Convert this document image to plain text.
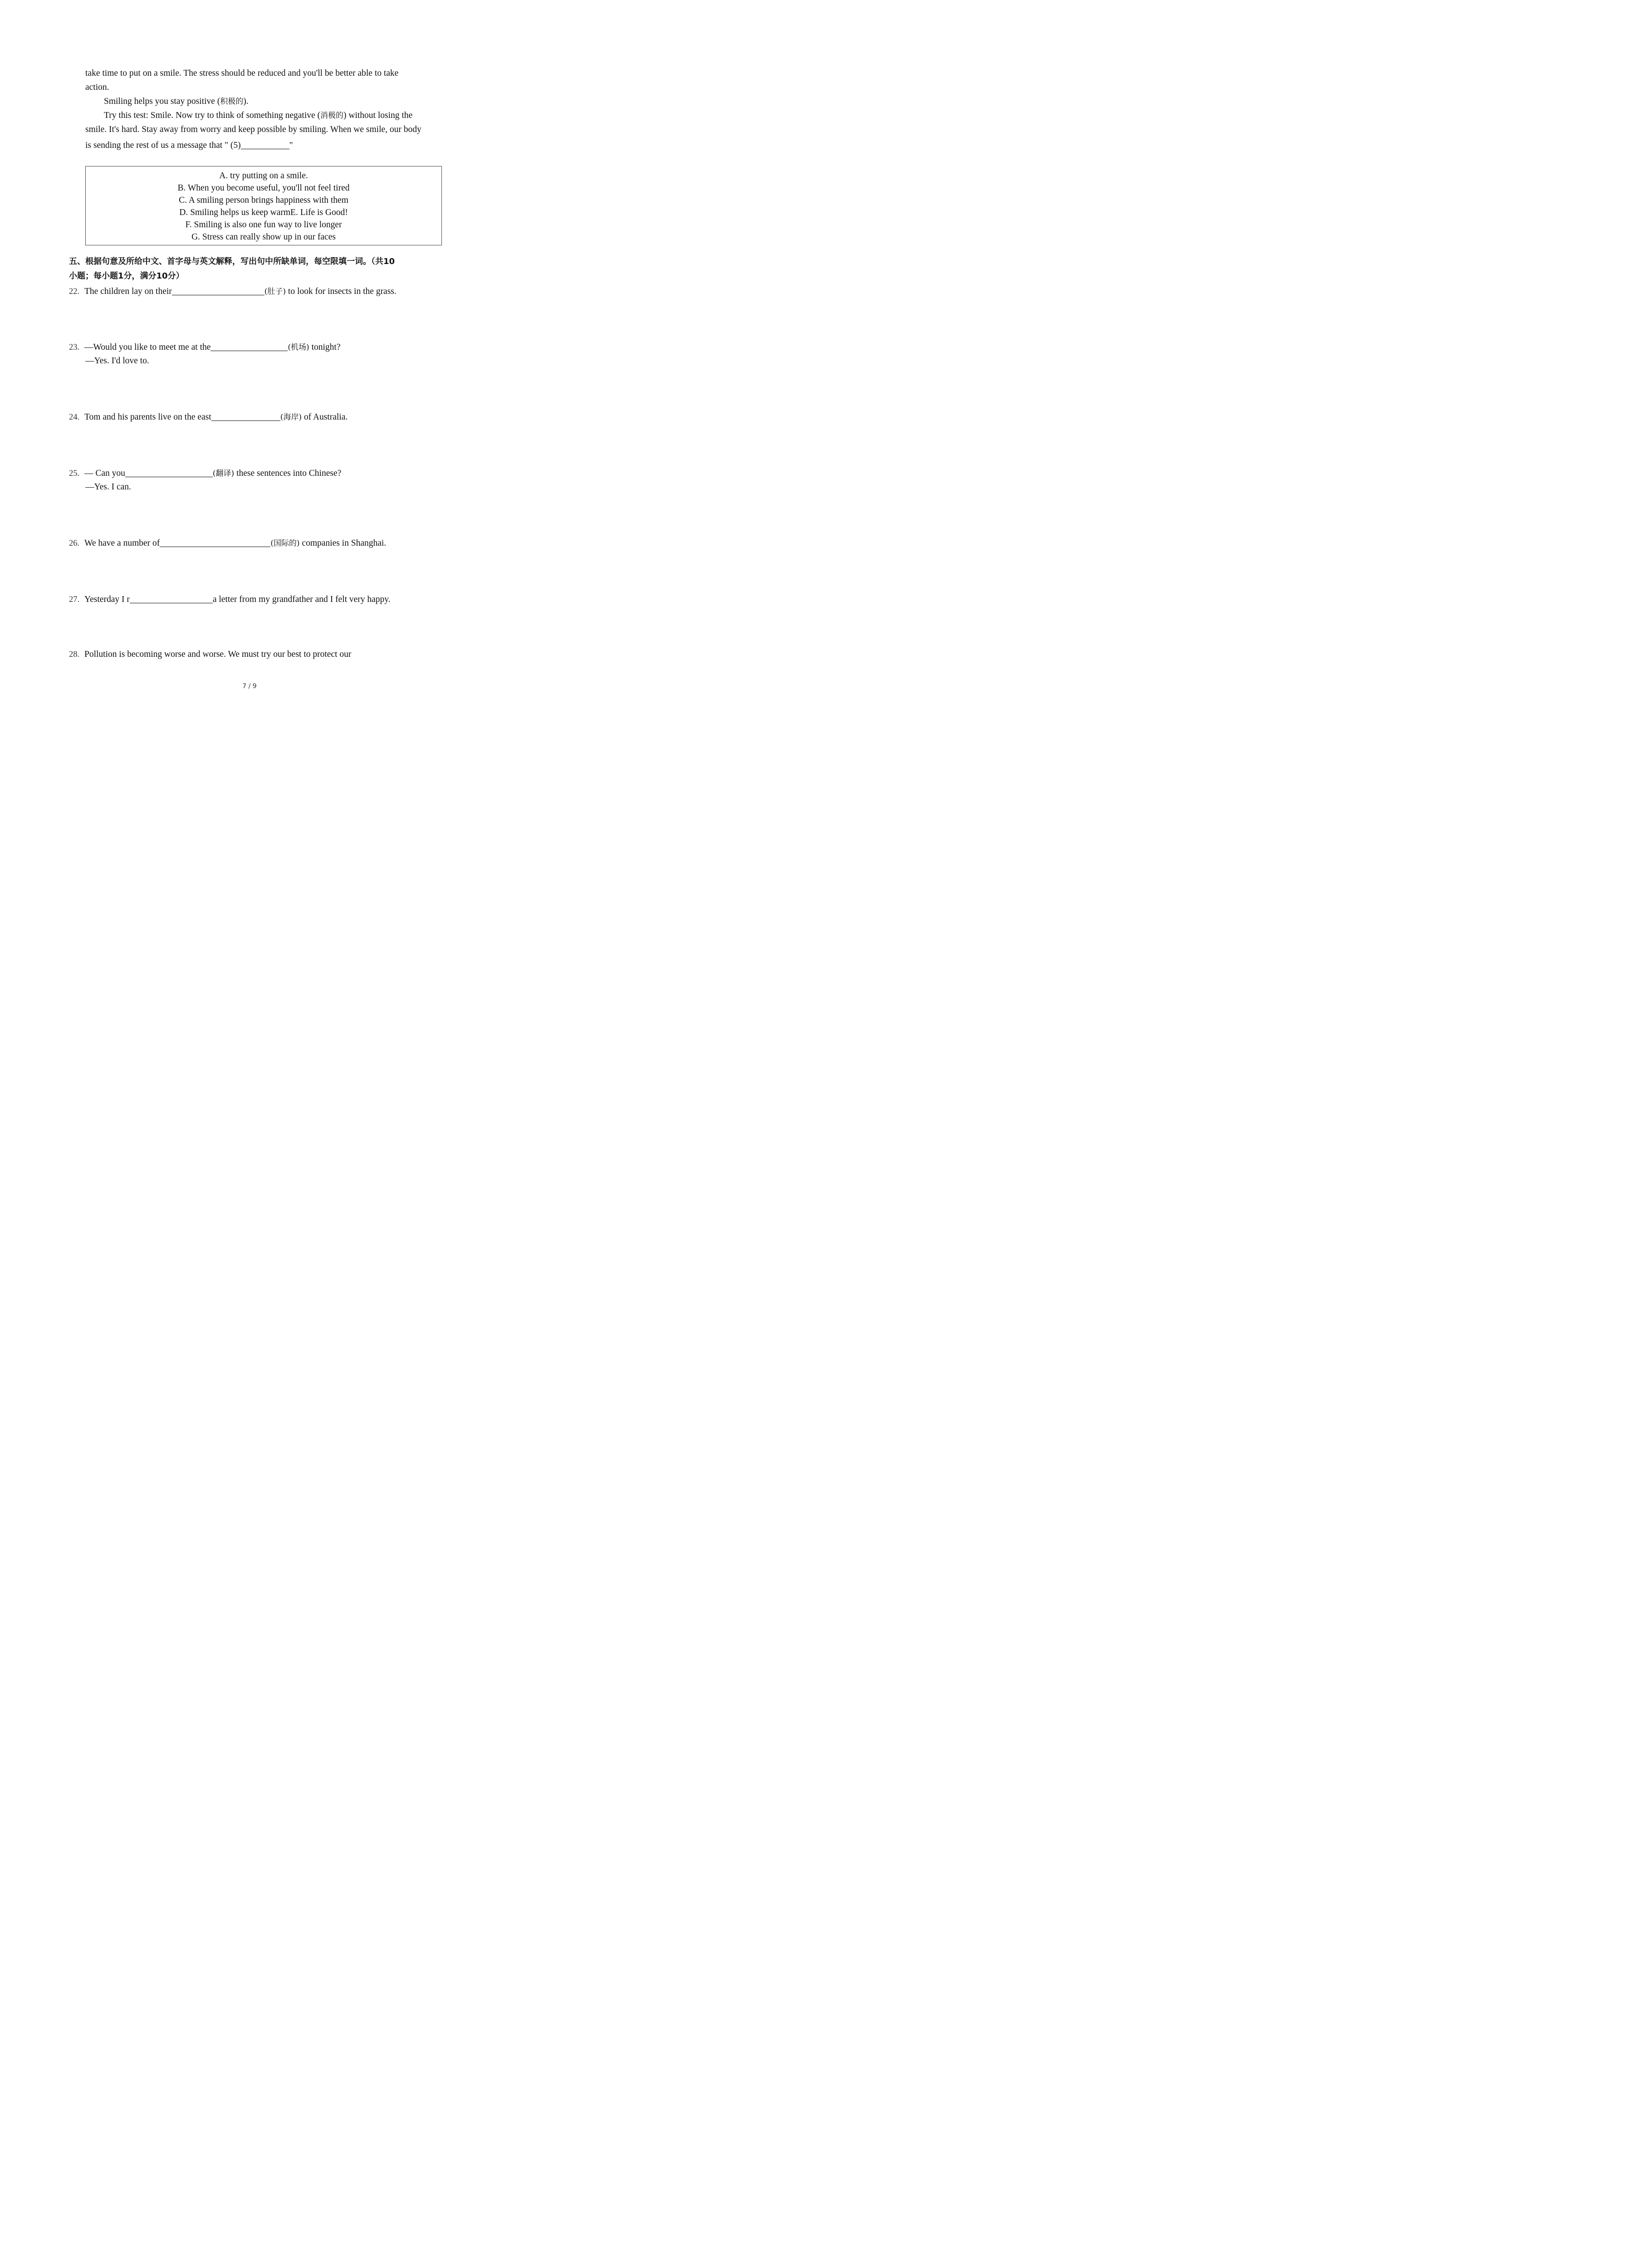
take time to put on a smile. The stress should be reduced and you'll be better able to take
action.
Smiling helps you stay positive (积极的).
Try this test: Smile. Now try to think of something negative (消极的) without losing the
smile. It's hard. Stay away from worry and keep possible by smiling. When we smile, our body
is sending the rest of us a message that " (5)	"
A. try putting on a smile.
B. When you become useful, you'll not feel tired
C. A smiling person brings happiness with them
D. Smiling helps us keep warmE. Life is Good!
F. Smiling is also one fun way to live longer
G. Stress can really show up in our faces
五、根据句意及所给中文、首字母与英文解释，写出句中所缺单词，每空限填一词。（共10
小题；每小题1分，满分10分）
22. The children lay on their	(肚子) to look for insects in the grass.
23. —Would you like to meet me at the	(机场) tonight?
—Yes. I'd love to.
24. Tom and his parents live on the east	(海岸) of Australia.
25. — Can you	(翻译) these sentences into Chinese?
—Yes. I can.
26. We have a number of	(国际的) companies in Shanghai.
27. Yesterday I r	a letter from my grandfather and I felt very happy.
28. Pollution is becoming worse and worse. We must try our best to protect our
7 / 9
